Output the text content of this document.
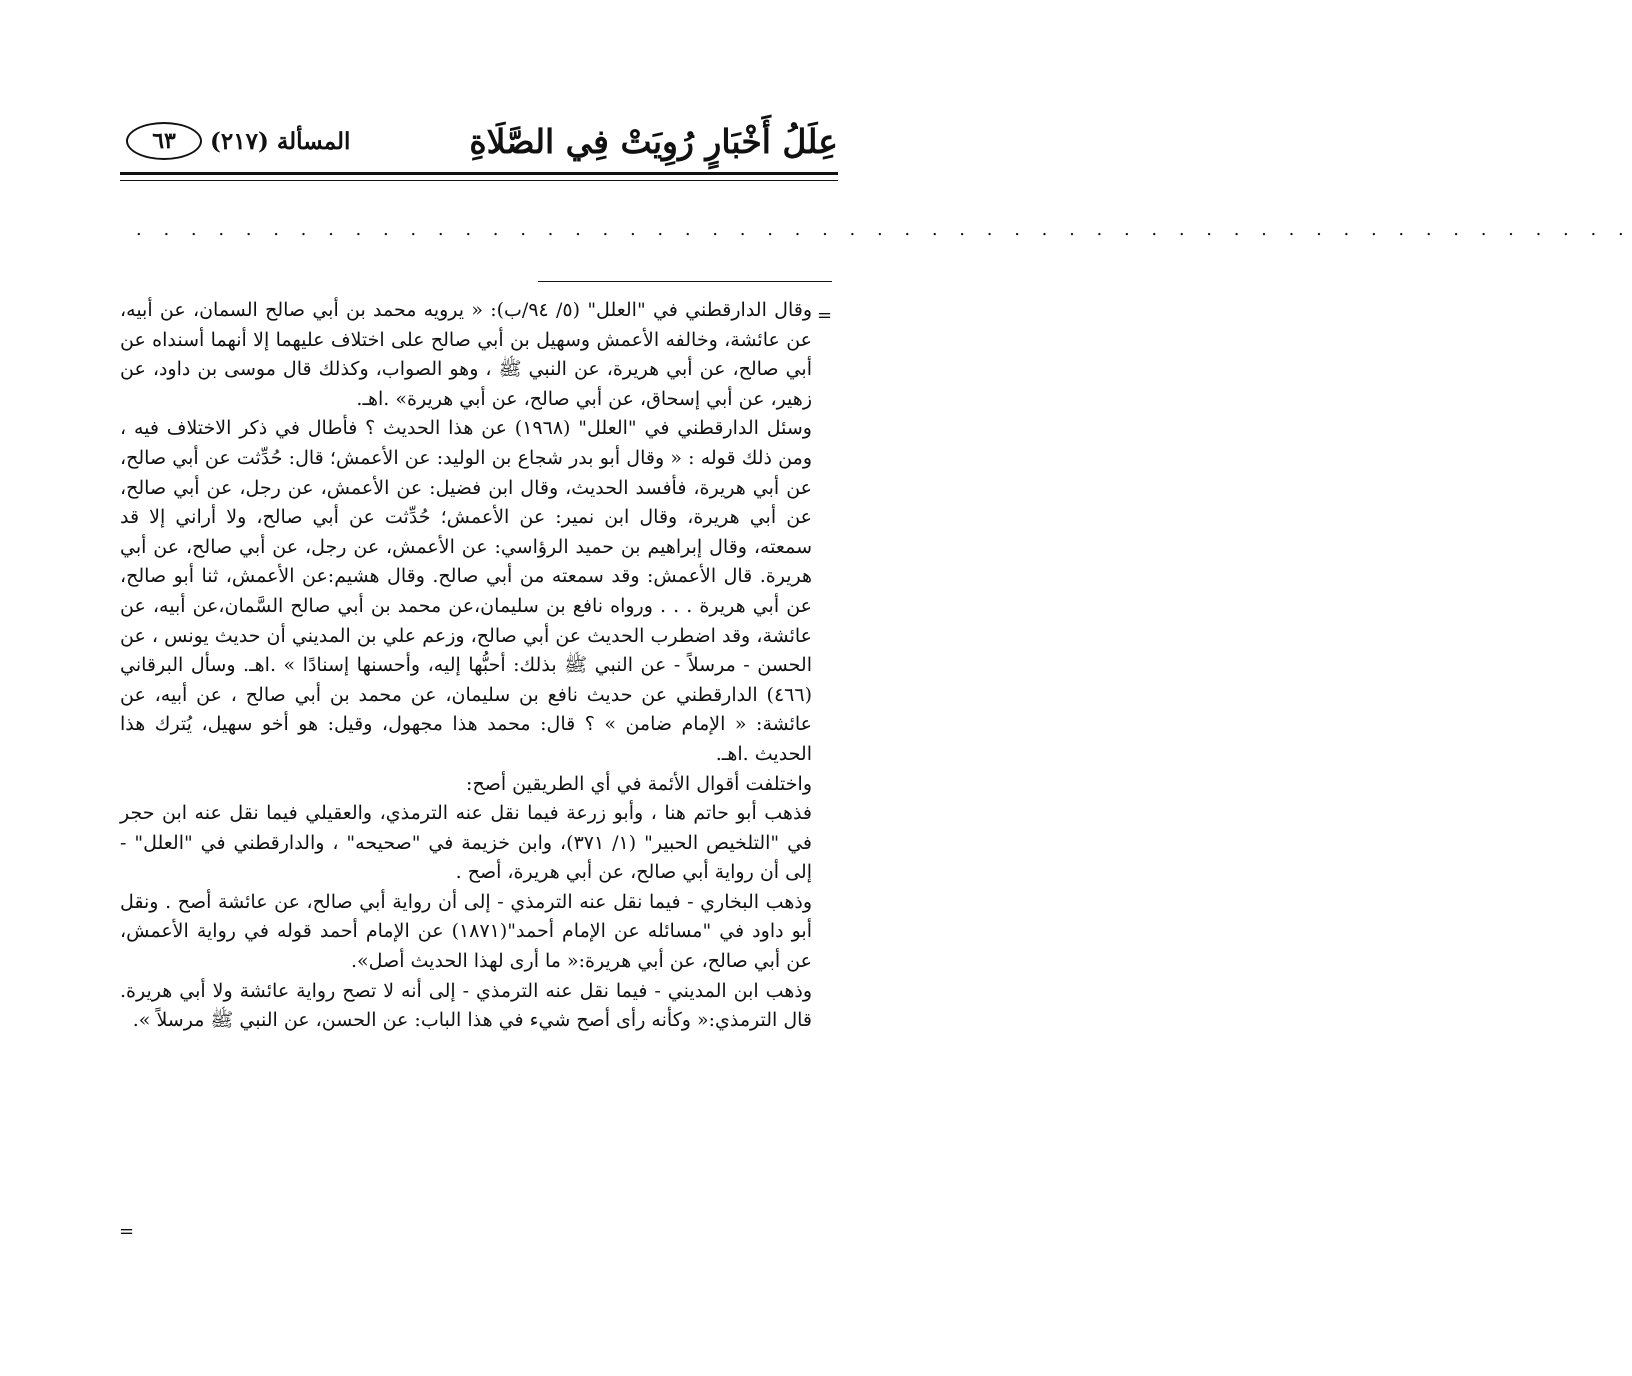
عِلَلُ أَخْبَارٍ رُوِيَتْ فِي الصَّلَاةِ
المسألة (٢١٧)
٦٣
. . . . . . . . . . . . . . . . . . . . . . . . . . . . . . . . . . . . . . . . . . . . . . . . . . . . . . .
=

وقال الدارقطني في "العلل" (٥/ ٩٤/ب): « يرويه محمد بن أبي صالح السمان، عن أبيه، عن عائشة، وخالفه الأعمش وسهيل بن أبي صالح على اختلاف عليهما إلا أنهما أسنداه عن أبي صالح، عن أبي هريرة، عن النبي ﷺ ، وهو الصواب، وكذلك قال موسى بن داود، عن زهير، عن أبي إسحاق، عن أبي صالح، عن أبي هريرة» .اهـ.

وسئل الدارقطني في "العلل" (١٩٦٨) عن هذا الحديث ؟ فأطال في ذكر الاختلاف فيه ، ومن ذلك قوله : « وقال أبو بدر شجاع بن الوليد: عن الأعمش؛ قال: حُدِّثت عن أبي صالح، عن أبي هريرة، فأفسد الحديث، وقال ابن فضيل: عن الأعمش، عن رجل، عن أبي صالح، عن أبي هريرة، وقال ابن نمير: عن الأعمش؛ حُدِّثت عن أبي صالح، ولا أراني إلا قد سمعته، وقال إبراهيم بن حميد الرؤاسي: عن الأعمش، عن رجل، عن أبي صالح، عن أبي هريرة. قال الأعمش: وقد سمعته من أبي صالح. وقال هشيم:عن الأعمش، ثنا أبو صالح، عن أبي هريرة . . . ورواه نافع بن سليمان،عن محمد بن أبي صالح السَّمان،عن أبيه، عن عائشة، وقد اضطرب الحديث عن أبي صالح، وزعم علي بن المديني أن حديث يونس ، عن الحسن - مرسلاً - عن النبي ﷺ بذلك: أحبُّها إليه، وأحسنها إسنادًا » .اهـ. وسأل البرقاني (٤٦٦) الدارقطني عن حديث نافع بن سليمان، عن محمد بن أبي صالح ، عن أبيه، عن عائشة: « الإمام ضامن » ؟ قال: محمد هذا مجهول، وقيل: هو أخو سهيل، يُترك هذا الحديث .اهـ.

واختلفت أقوال الأئمة في أي الطريقين أصح:

فذهب أبو حاتم هنا ، وأبو زرعة فيما نقل عنه الترمذي، والعقيلي فيما نقل عنه ابن حجر في "التلخيص الحبير" (١/ ٣٧١)، وابن خزيمة في "صحيحه" ، والدارقطني في "العلل" - إلى أن رواية أبي صالح، عن أبي هريرة، أصح .

وذهب البخاري - فيما نقل عنه الترمذي - إلى أن رواية أبي صالح، عن عائشة أصح . ونقل أبو داود في "مسائله عن الإمام أحمد"(١٨٧١) عن الإمام أحمد قوله في رواية الأعمش، عن أبي صالح، عن أبي هريرة:« ما أرى لهذا الحديث أصل».

وذهب ابن المديني - فيما نقل عنه الترمذي - إلى أنه لا تصح رواية عائشة ولا أبي هريرة. قال الترمذي:« وكأنه رأى أصح شيء في هذا الباب: عن الحسن، عن النبي ﷺ مرسلاً ».

=
